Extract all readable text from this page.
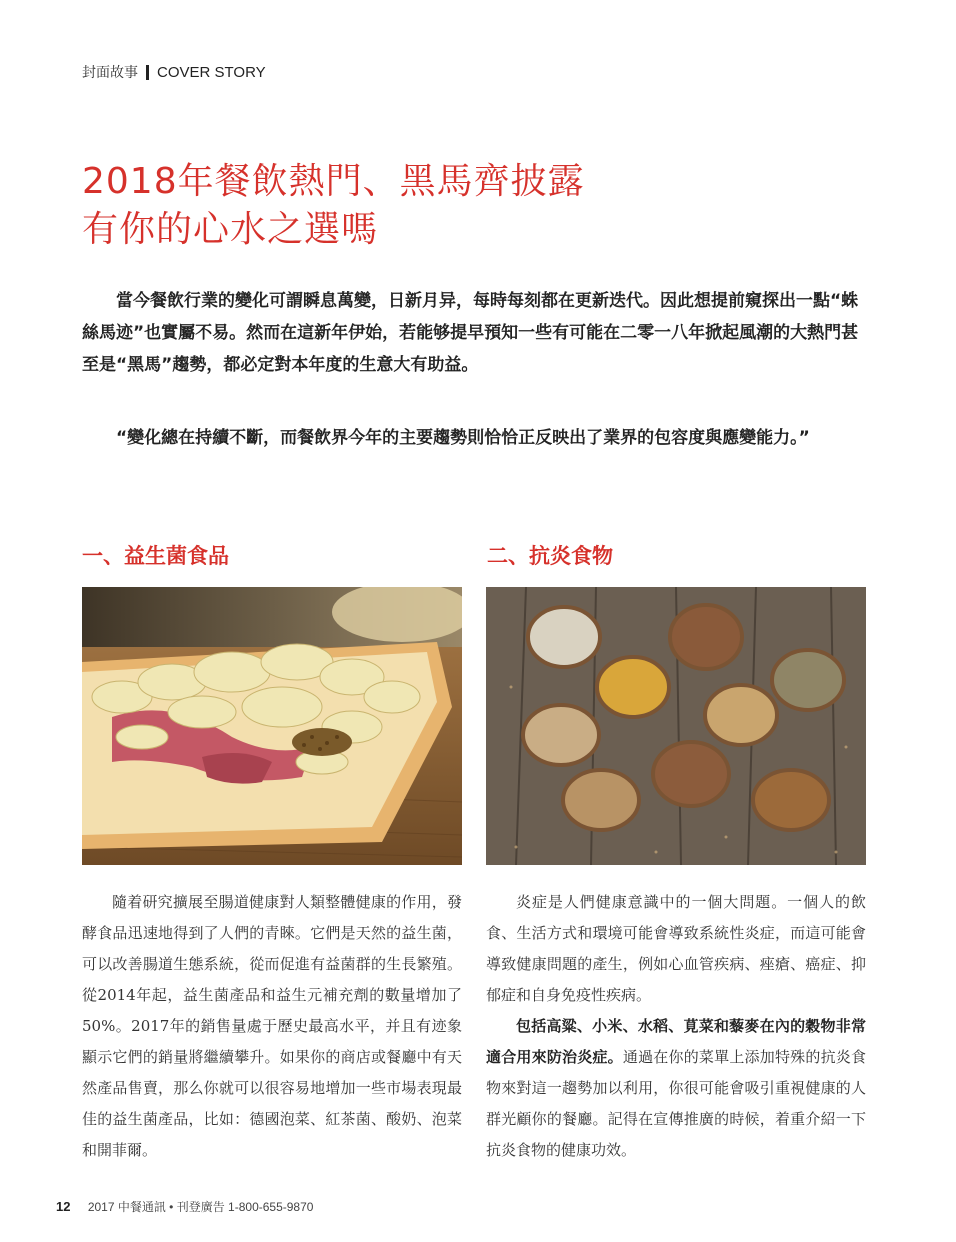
封面故事 COVER STORY
2018年餐飲熱門、黑馬齊披露
有你的心水之選嗎

當今餐飲行業的變化可謂瞬息萬變，日新月异，每時每刻都在更新迭代。因此想提前窺探出一點“蛛絲馬迹”也實屬不易。然而在這新年伊始，若能够提早預知一些有可能在二零一八年掀起風潮的大熱門甚至是“黑馬”趨勢，都必定對本年度的生意大有助益。

“變化總在持續不斷，而餐飲界今年的主要趨勢則恰恰正反映出了業界的包容度與應變能力。”

一、益生菌食品	二、抗炎食物

隨着研究擴展至腸道健康對人類整體健康的作用，發酵食品迅速地得到了人們的青睞。它們是天然的益生菌，可以改善腸道生態系統，從而促進有益菌群的生長繁殖。從2014年起，益生菌產品和益生元補充劑的數量增加了50%。2017年的銷售量處于歷史最高水平，并且有迹象顯示它們的銷量將繼續攀升。如果你的商店或餐廳中有天然產品售賣，那么你就可以很容易地增加一些市場表現最佳的益生菌產品，比如：德國泡菜、紅茶菌、酸奶、泡菜和開菲爾。

炎症是人們健康意識中的一個大問題。一個人的飲食、生活方式和環境可能會導致系統性炎症，而這可能會導致健康問題的產生，例如心血管疾病、痤瘡、癌症、抑郁症和自身免疫性疾病。

包括高粱、小米、水稻、莧菜和藜麥在內的穀物非常適合用來防治炎症。通過在你的菜單上添加特殊的抗炎食物來對這一趨勢加以利用，你很可能會吸引重視健康的人群光顧你的餐廳。記得在宣傳推廣的時候，着重介紹一下抗炎食物的健康功效。

12 2017 中餐通訊 • 刊登廣告 1-800-655-9870
